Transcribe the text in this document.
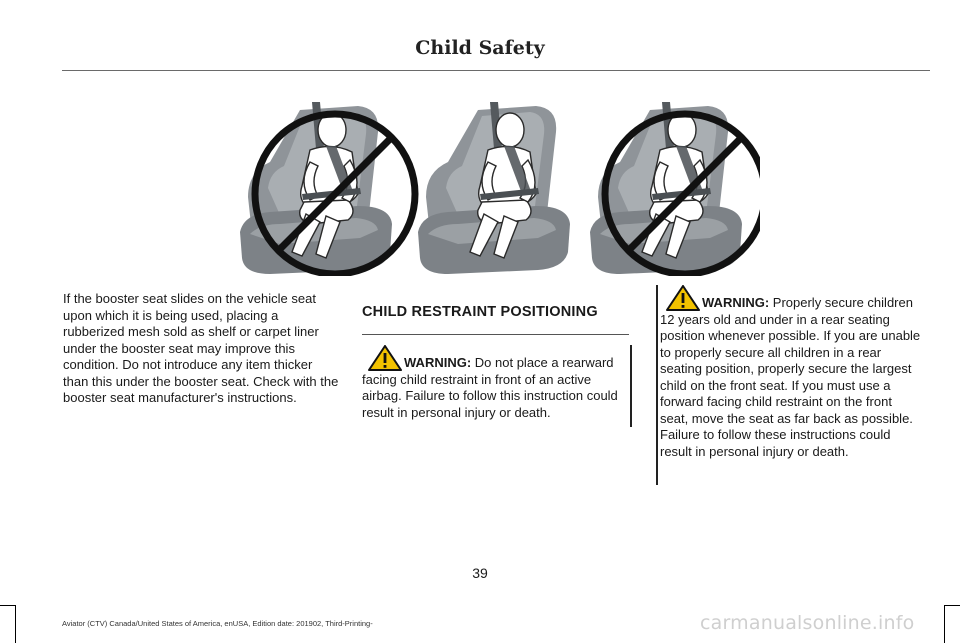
Child Safety
If the booster seat slides on the vehicle seat upon which it is being used, placing a rubberized mesh sold as shelf or carpet liner under the booster seat may improve this condition. Do not introduce any item thicker than this under the booster seat. Check with the booster seat manufacturer's instructions.
CHILD RESTRAINT POSITIONING
WARNING: Do not place a rearward facing child restraint in front of an active airbag. Failure to follow this instruction could result in personal injury or death.
WARNING: Properly secure children 12 years old and under in a rear seating position whenever possible. If you are unable to properly secure all children in a rear seating position, properly secure the largest child on the front seat. If you must use a forward facing child restraint on the front seat, move the seat as far back as possible. Failure to follow these instructions could result in personal injury or death.
39
Aviator (CTV) Canada/United States of America, enUSA, Edition date: 201902, Third-Printing-	carmanualsonline.info
